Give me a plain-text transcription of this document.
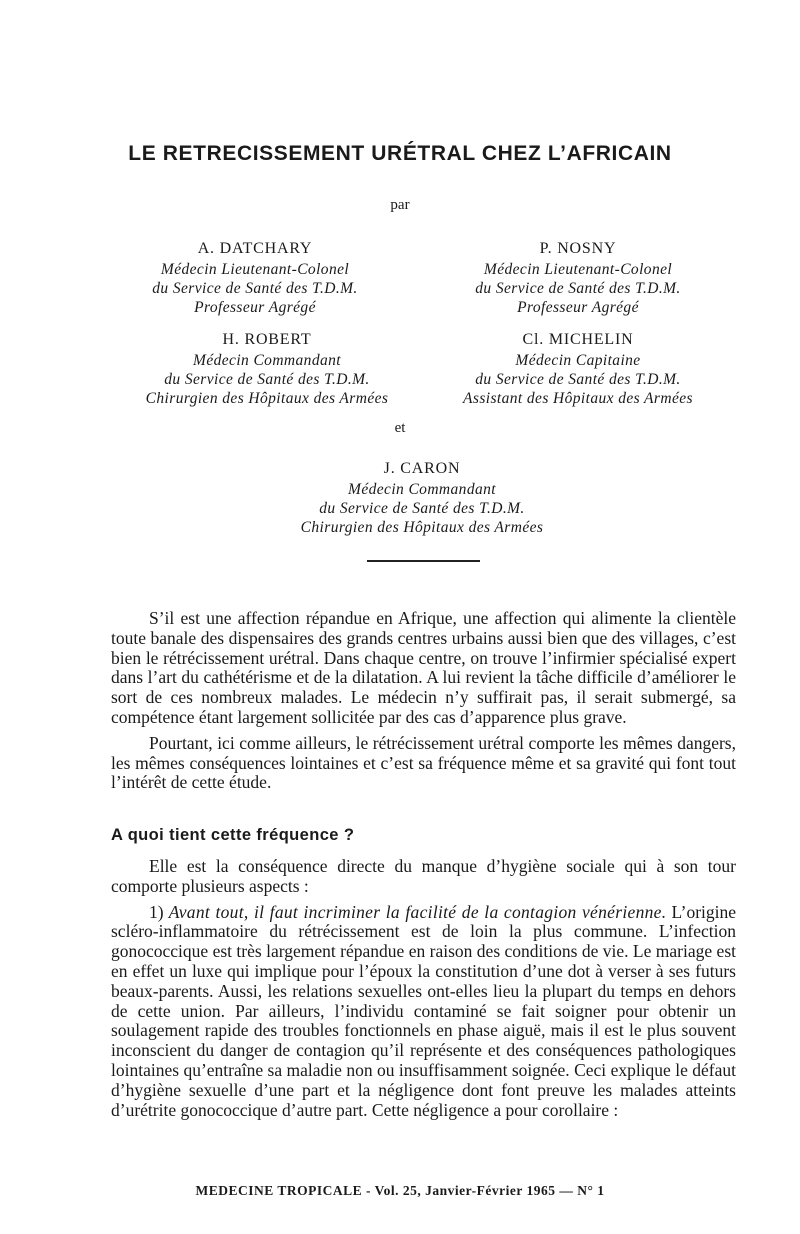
LE RETRECISSEMENT URÉTRAL CHEZ L’AFRICAIN
par
A. DATCHARY
Médecin Lieutenant-Colonel
du Service de Santé des T.D.M.
Professeur Agrégé
P. NOSNY
Médecin Lieutenant-Colonel
du Service de Santé des T.D.M.
Professeur Agrégé
H. ROBERT
Médecin Commandant
du Service de Santé des T.D.M.
Chirurgien des Hôpitaux des Armées
Cl. MICHELIN
Médecin Capitaine
du Service de Santé des T.D.M.
Assistant des Hôpitaux des Armées
et
J. CARON
Médecin Commandant
du Service de Santé des T.D.M.
Chirurgien des Hôpitaux des Armées

S’il est une affection répandue en Afrique, une affection qui alimente la clientèle toute banale des dispensaires des grands centres urbains aussi bien que des villages, c’est bien le rétrécissement urétral. Dans chaque centre, on trouve l’infirmier spécialisé expert dans l’art du cathétérisme et de la dilatation. A lui revient la tâche difficile d’améliorer le sort de ces nombreux malades. Le médecin n’y suffirait pas, il serait submergé, sa compétence étant largement sollicitée par des cas d’apparence plus grave.

Pourtant, ici comme ailleurs, le rétrécissement urétral comporte les mêmes dangers, les mêmes conséquences lointaines et c’est sa fréquence même et sa gravité qui font tout l’intérêt de cette étude.

A quoi tient cette fréquence ?

Elle est la conséquence directe du manque d’hygiène sociale qui à son tour comporte plusieurs aspects :

1) Avant tout, il faut incriminer la facilité de la contagion vénérienne. L’origine scléro-inflammatoire du rétrécissement est de loin la plus commune. L’infection gonococcique est très largement répandue en raison des conditions de vie. Le mariage est en effet un luxe qui implique pour l’époux la constitution d’une dot à verser à ses futurs beaux-parents. Aussi, les relations sexuelles ont-elles lieu la plupart du temps en dehors de cette union. Par ailleurs, l’individu contaminé se fait soigner pour obtenir un soulagement rapide des troubles fonctionnels en phase aiguë, mais il est le plus souvent inconscient du danger de contagion qu’il représente et des conséquences pathologiques lointaines qu’entraîne sa maladie non ou insuffisamment soignée. Ceci explique le défaut d’hygiène sexuelle d’une part et la négligence dont font preuve les malades atteints d’urétrite gonococcique d’autre part. Cette négligence a pour corollaire :

MEDECINE TROPICALE - Vol. 25, Janvier-Février 1965 — N° 1
